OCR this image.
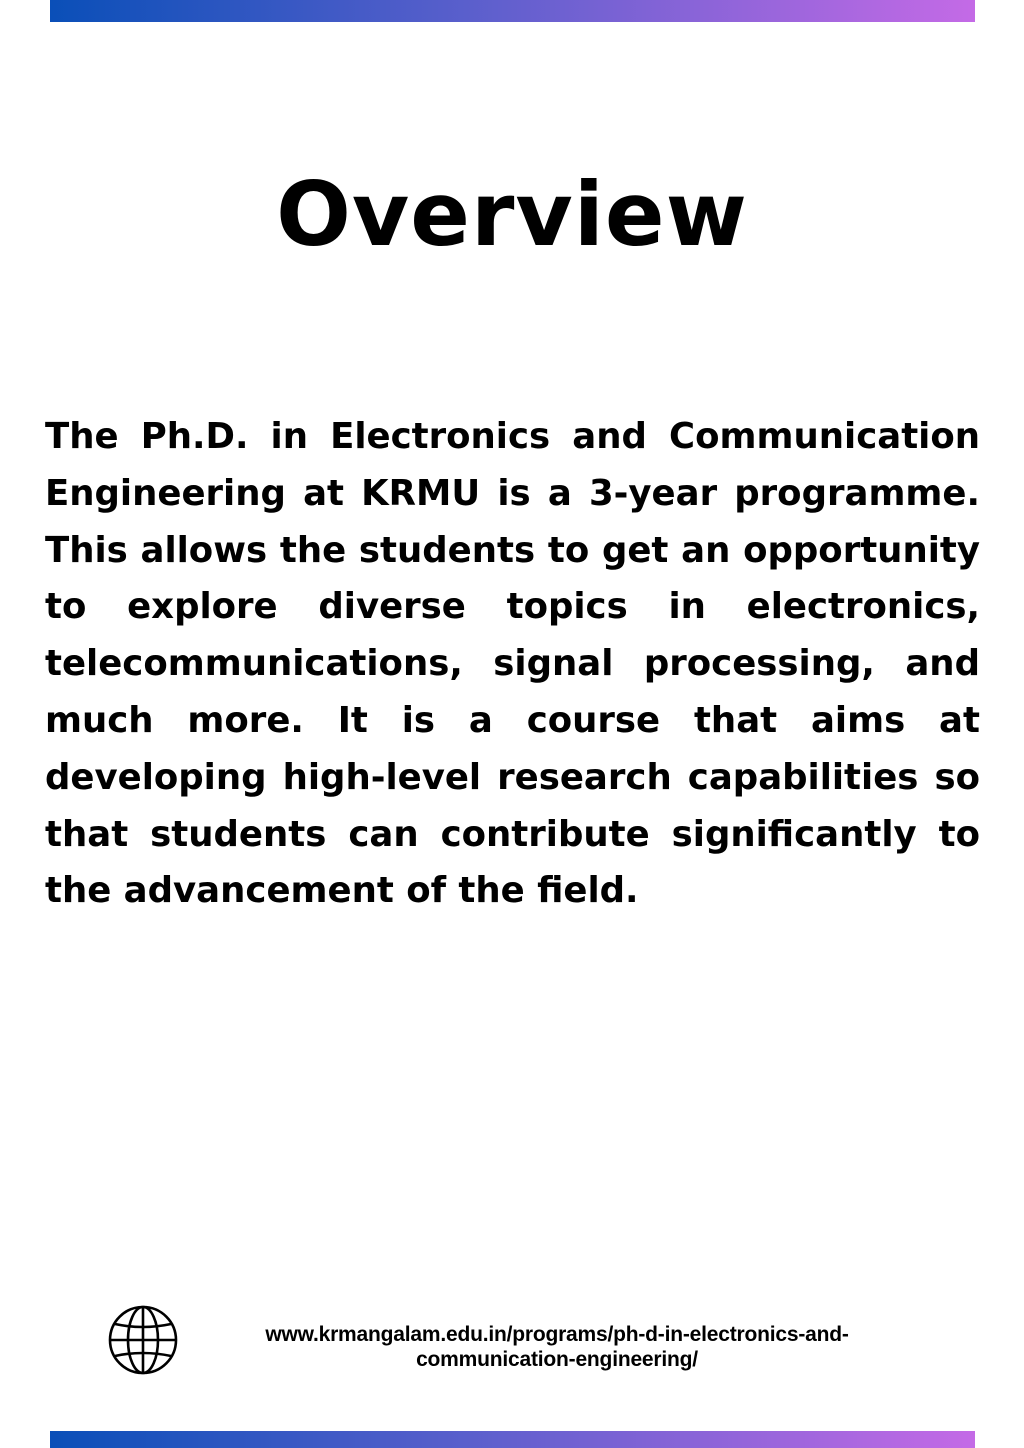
Overview

The Ph.D. in Electronics and Communication Engineering at KRMU is a 3-year programme. This allows the students to get an opportunity to explore diverse topics in electronics, telecommunications, signal processing, and much more. It is a course that aims at developing high-level research capabilities so that students can contribute significantly to the advancement of the field.

www.krmangalam.edu.in/programs/ph-d-in-electronics-and-
communication-engineering/
